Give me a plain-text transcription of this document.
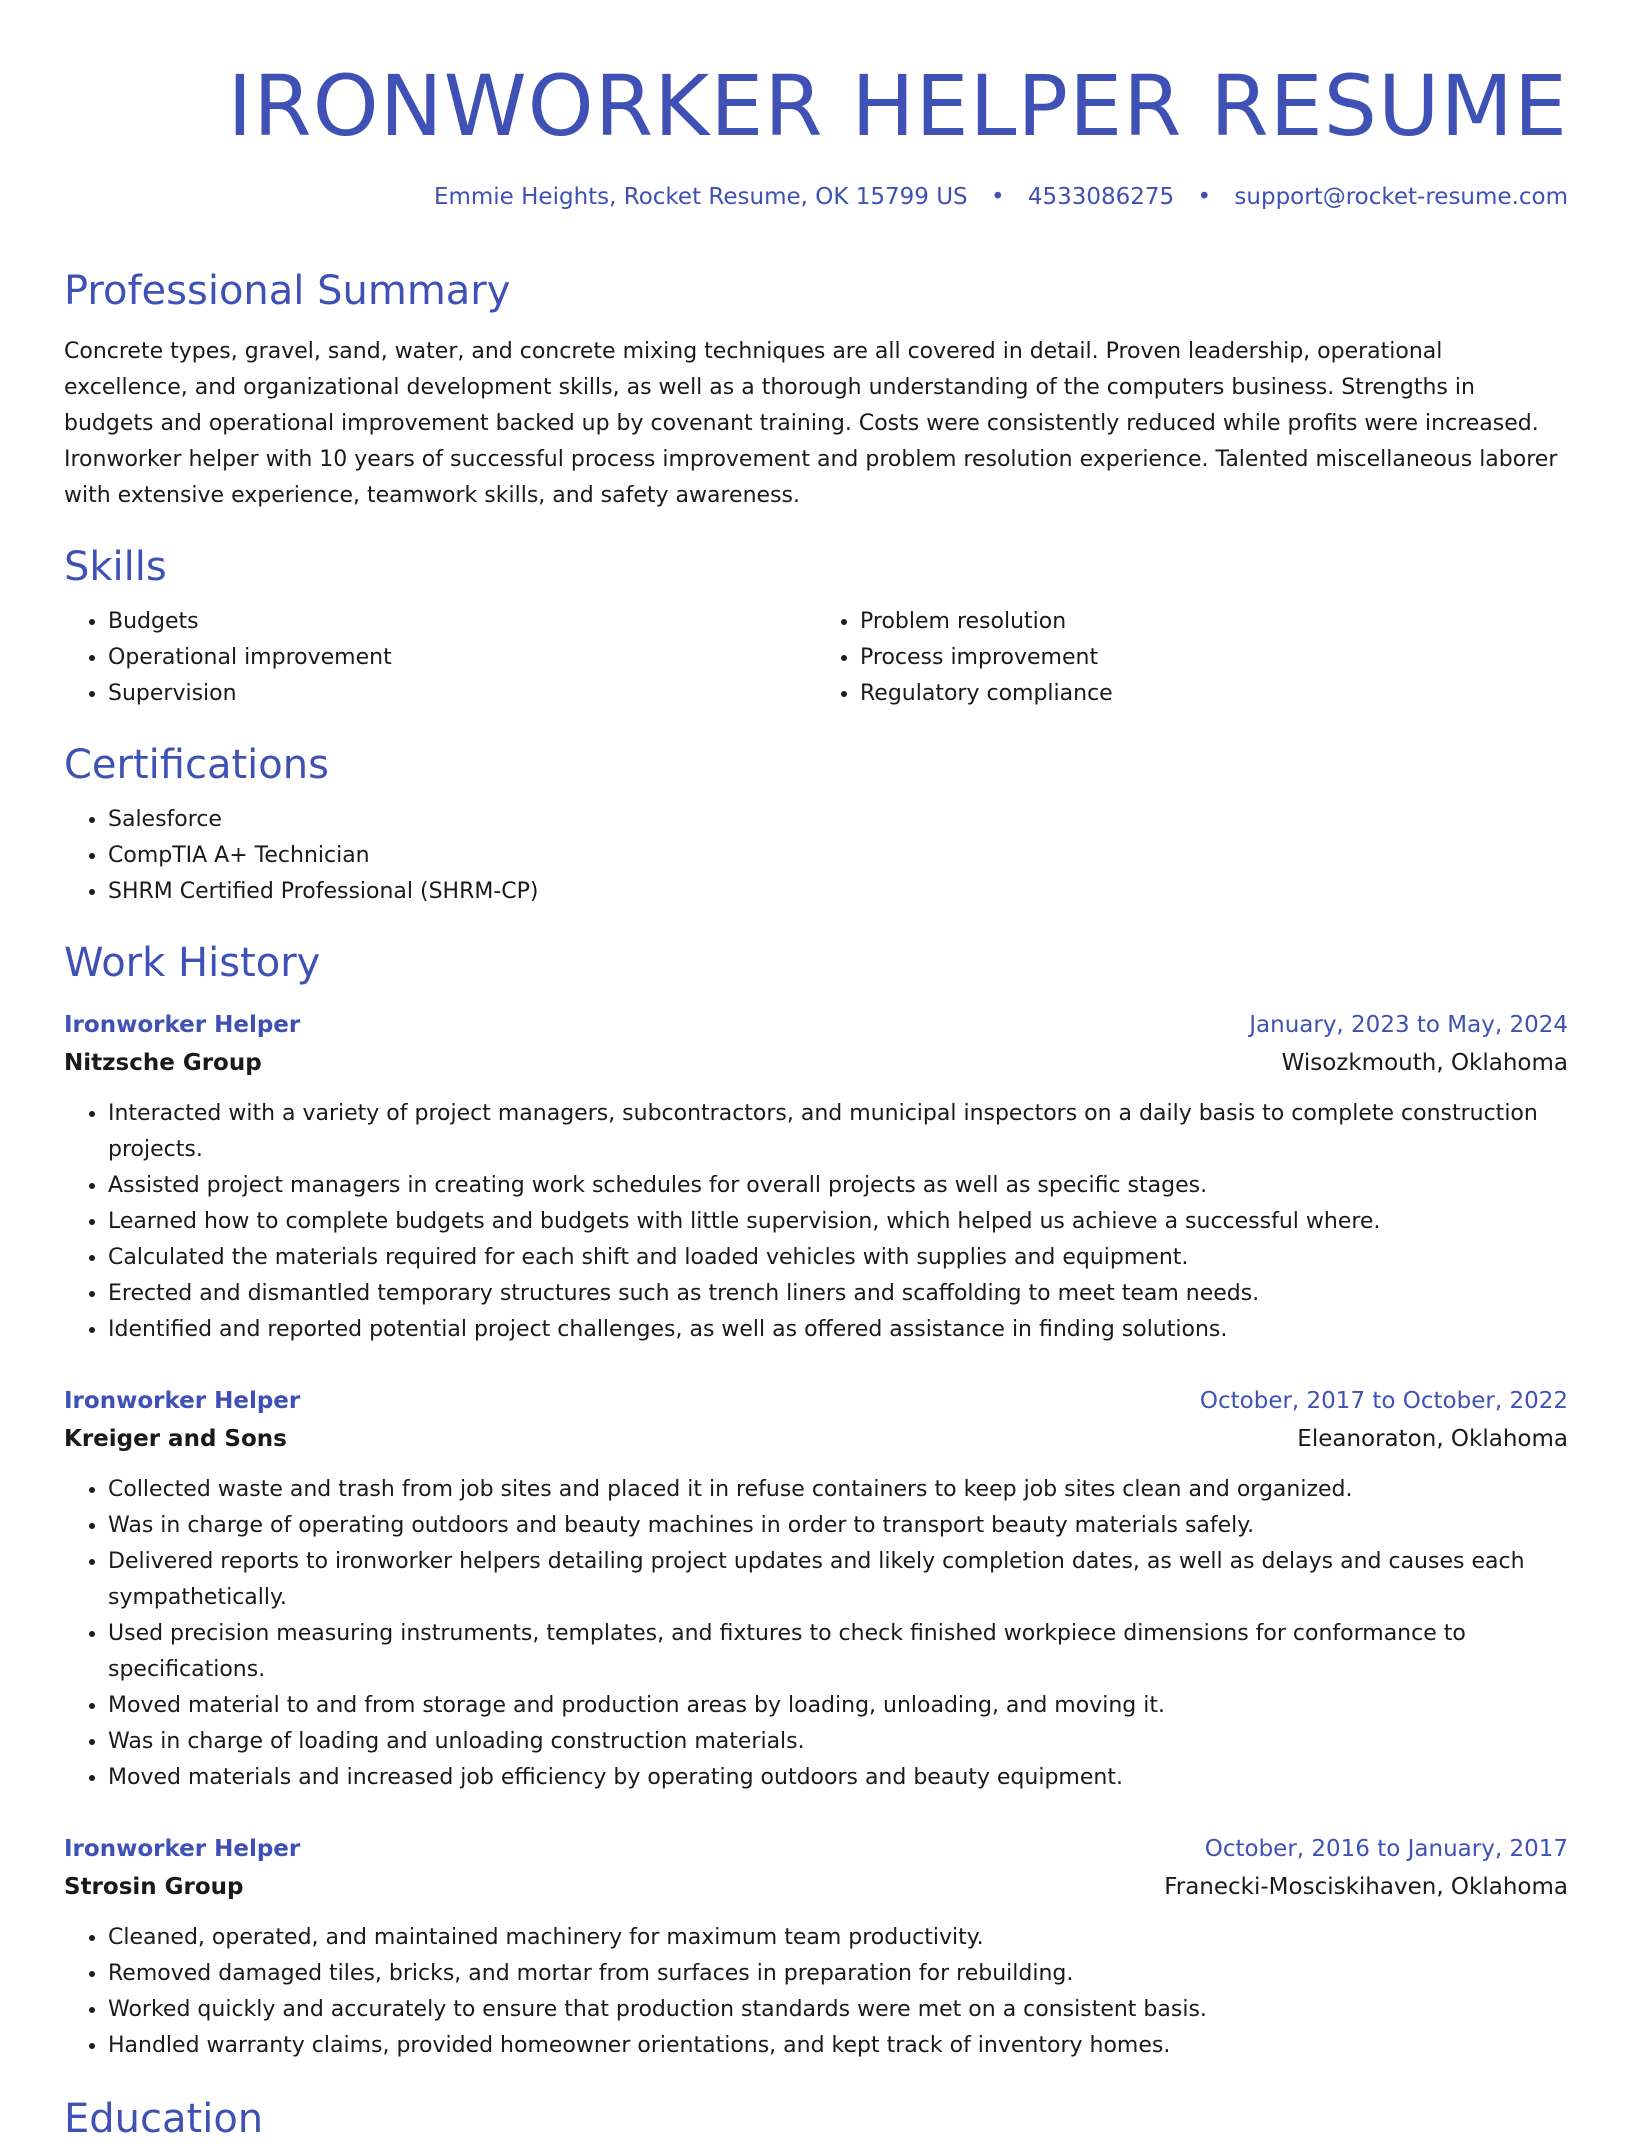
IRONWORKER HELPER RESUME
Emmie Heights, Rocket Resume, OK 15799 US • 4533086275 • support@rocket-resume.com
Professional Summary

Concrete types, gravel, sand, water, and concrete mixing techniques are all covered in detail. Proven leadership, operational excellence, and organizational development skills, as well as a thorough understanding of the computers business. Strengths in budgets and operational improvement backed up by covenant training. Costs were consistently reduced while profits were increased. Ironworker helper with 10 years of successful process improvement and problem resolution experience. Talented miscellaneous laborer with extensive experience, teamwork skills, and safety awareness.

Skills
• Budgets
• Operational improvement
• Supervision
• Problem resolution
• Process improvement
• Regulatory compliance
Certifications
• Salesforce
• CompTIA A+ Technician
• SHRM Certified Professional (SHRM-CP)
Work History
Ironworker Helper	January, 2023 to May, 2024
Nitzsche Group	Wisozkmouth, Oklahoma
• Interacted with a variety of project managers, subcontractors, and municipal inspectors on a daily basis to complete construction projects.
• Assisted project managers in creating work schedules for overall projects as well as specific stages.
• Learned how to complete budgets and budgets with little supervision, which helped us achieve a successful where.
• Calculated the materials required for each shift and loaded vehicles with supplies and equipment.
• Erected and dismantled temporary structures such as trench liners and scaffolding to meet team needs.
• Identified and reported potential project challenges, as well as offered assistance in finding solutions.
Ironworker Helper	October, 2017 to October, 2022
Kreiger and Sons	Eleanoraton, Oklahoma
• Collected waste and trash from job sites and placed it in refuse containers to keep job sites clean and organized.
• Was in charge of operating outdoors and beauty machines in order to transport beauty materials safely.
• Delivered reports to ironworker helpers detailing project updates and likely completion dates, as well as delays and causes each sympathetically.
• Used precision measuring instruments, templates, and fixtures to check finished workpiece dimensions for conformance to specifications.
• Moved material to and from storage and production areas by loading, unloading, and moving it.
• Was in charge of loading and unloading construction materials.
• Moved materials and increased job efficiency by operating outdoors and beauty equipment.
Ironworker Helper	October, 2016 to January, 2017
Strosin Group	Franecki-Mosciskihaven, Oklahoma
• Cleaned, operated, and maintained machinery for maximum team productivity.
• Removed damaged tiles, bricks, and mortar from surfaces in preparation for rebuilding.
• Worked quickly and accurately to ensure that production standards were met on a consistent basis.
• Handled warranty claims, provided homeowner orientations, and kept track of inventory homes.
Education
